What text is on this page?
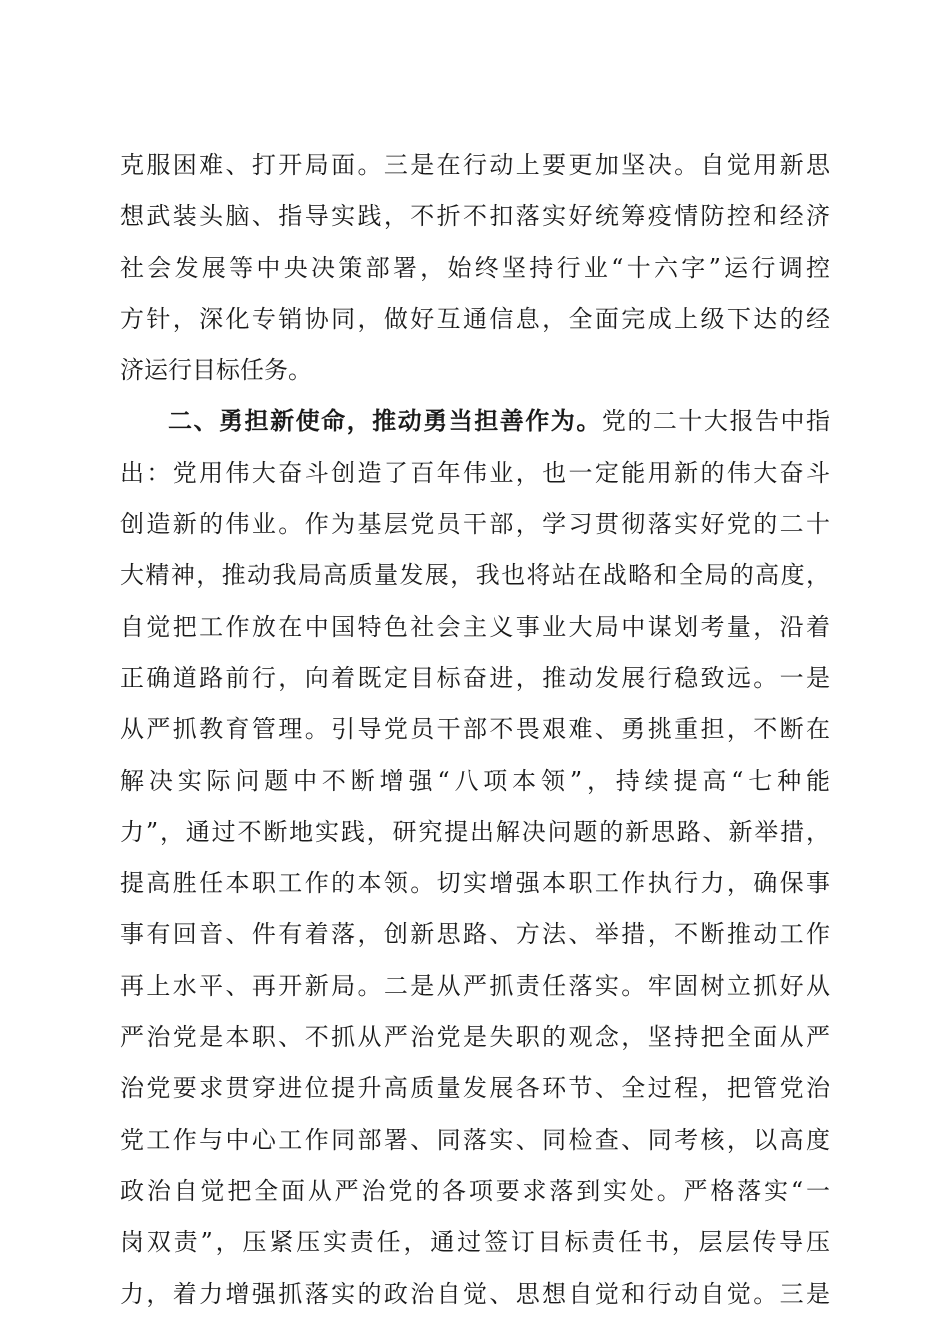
克服困难、打开局面。三是在行动上要更加坚决。自觉用新思
想武装头脑、指导实践，不折不扣落实好统筹疫情防控和经济
社会发展等中央决策部署，始终坚持行业“十六字”运行调控
方针，深化专销协同，做好互通信息，全面完成上级下达的经
济运行目标任务。
二、勇担新使命，推动勇当担善作为。党的二十大报告中指
出：党用伟大奋斗创造了百年伟业，也一定能用新的伟大奋斗
创造新的伟业。作为基层党员干部，学习贯彻落实好党的二十
大精神，推动我局高质量发展，我也将站在战略和全局的高度，
自觉把工作放在中国特色社会主义事业大局中谋划考量，沿着
正确道路前行，向着既定目标奋进，推动发展行稳致远。一是
从严抓教育管理。引导党员干部不畏艰难、勇挑重担，不断在
解决实际问题中不断增强“八项本领”，持续提高“七种能
力”，通过不断地实践，研究提出解决问题的新思路、新举措，
提高胜任本职工作的本领。切实增强本职工作执行力，确保事
事有回音、件有着落，创新思路、方法、举措，不断推动工作
再上水平、再开新局。二是从严抓责任落实。牢固树立抓好从
严治党是本职、不抓从严治党是失职的观念，坚持把全面从严
治党要求贯穿进位提升高质量发展各环节、全过程，把管党治
党工作与中心工作同部署、同落实、同检查、同考核，以高度
政治自觉把全面从严治党的各项要求落到实处。严格落实“一
岗双责”，压紧压实责任，通过签订目标责任书，层层传导压
力，着力增强抓落实的政治自觉、思想自觉和行动自觉。三是
